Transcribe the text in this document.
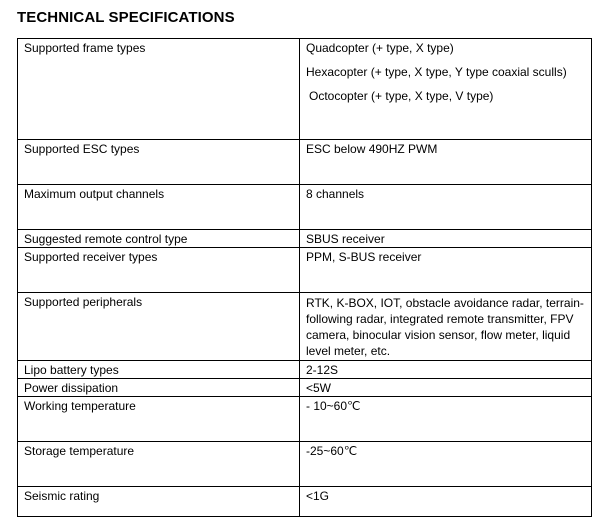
TECHNICAL SPECIFICATIONS
Supported frame types	Quadcopter (+ type, X type)
Hexacopter (+ type, X type, Y type coaxial sculls)
Octocopter (+ type, X type, V type)

Supported ESC types	ESC below 490HZ PWM
Maximum output channels	8 channels
Suggested remote control type	SBUS receiver
Supported receiver types	PPM, S-BUS receiver
Supported peripherals	RTK, K-BOX, IOT, obstacle avoidance radar, terrain-following radar, integrated remote transmitter, FPV camera, binocular vision sensor, flow meter, liquid level meter, etc.

Lipo battery types	2-12S
Power dissipation	<5W
Working temperature	- 10~60℃
Storage temperature	-25~60℃
Seismic rating	<1G
